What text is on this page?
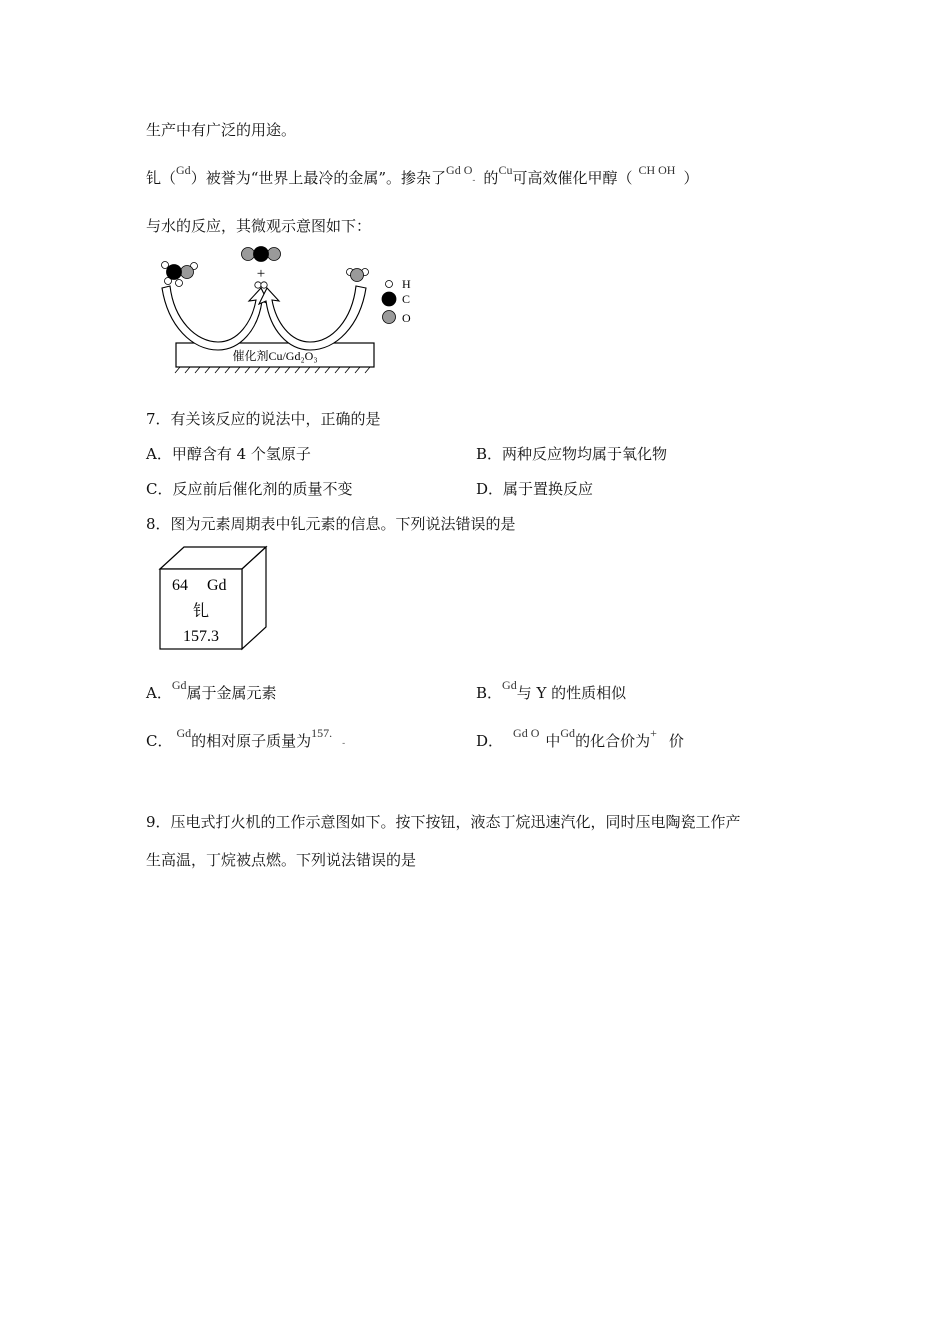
生产中有广泛的用途。
钆（$^{Gd}$）被誉为“世界上最冷的金属”。掺杂了$^{Gd O}$- 的$^{Cu}$可高效催化甲醇（ $^{CH OH}$ ）
与水的反应，其微观示意图如下：
催化剂Cu/Gd₂O₃
+
H
C
O
7．有关该反应的说法中，正确的是
A．甲醇含有 4 个氢原子	B．两种反应物均属于氧化物
C．反应前后催化剂的质量不变	D．属于置换反应
8．图为元素周期表中钆元素的信息。下列说法错误的是
64 Gd
钆
157.3
A．$^{Gd}$属于金属元素	B．$^{Gd}$与 Y 的性质相似
C． $^{Gd}$的相对原子质量为$^{157.}$-	D． $^{Gd O}$ 中$^{Gd}$的化合价为+ 价
9．压电式打火机的工作示意图如下。按下按钮，液态丁烷迅速汽化，同时压电陶瓷工作产
生高温，丁烷被点燃。下列说法错误的是
